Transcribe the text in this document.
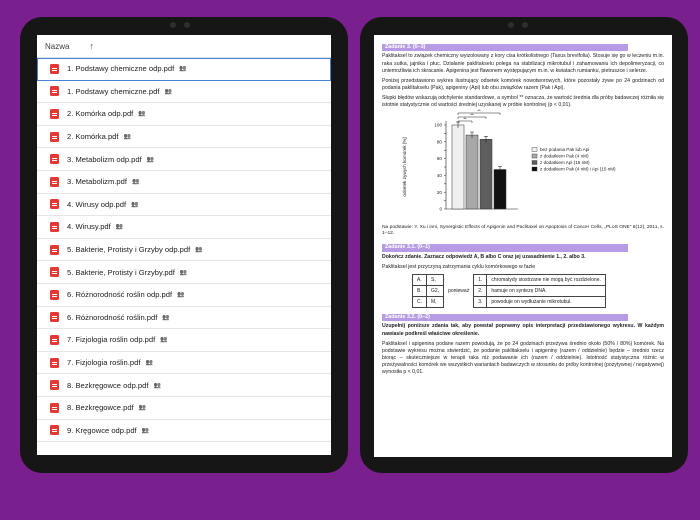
Nazwa ↑
1. Podstawy chemiczne odp.pdf 👥
1. Podstawy chemiczne.pdf 👥
2. Komórka odp.pdf 👥
2. Komórka.pdf 👥
3. Metabolizm odp.pdf 👥
3. Metabolizm.pdf 👥
4. Wirusy odp.pdf 👥
4. Wirusy.pdf 👥
5. Bakterie, Protisty i Grzyby odp.pdf 👥
5. Bakterie, Protisty i Grzyby.pdf 👥
6. Różnorodność roślin odp.pdf 👥
6. Różnorodność roślin.pdf 👥
7. Fizjologia roślin odp.pdf 👥
7. Fizjologia roślin.pdf 👥
8. Bezkręgowce odp.pdf 👥
8. Bezkręgowce.pdf 👥
9. Kręgowce odp.pdf 👥
Zadanie 3. (0–3)

Paklitaksel to związek chemiczny wyizolowany z kory cisa krótkolistnego (Taxus brevifolia). Stosuje się go w leczeniu m.in. raka sutka, jajnika i płuc. Działanie paklitakselu polega na stabilizacji mikrotubul i zahamowaniu ich depolimeryzacji, co uniemożliwia ich skracanie. Apigenina jest flawonem występującym m.in. w kwiatach rumianku, pietruszce i selerze.

Poniżej przedstawiono wykres ilustrujący odsetek komórek nowotworowych, które pozostały żywe po 24 godzinach od podania paklitakselu (Pak), apigeniny (Api) lub obu związków razem (Pak i Api).

Słupki błędów wskazują odchylenie standardowe, a symbol ** oznacza, że wartość średnia dla próby badawczej różniła się istotnie statystycznie od wartości średniej uzyskanej w próbie kontrolnej (p < 0,01).

odsetek żywych komórek [%]
0
20
40
60
80
100
**
**
**
bez podania Pak lub Api
z dodatkiem Pak (4 nM)
z dodatkiem Api (15 nM)
z dodatkiem Pak (4 nM) i Api (15 nM)

Na podstawie: Y. Xu i inni, Synergistic Effects of Apigenin and Paclitaxel on Apoptosis of Cancer Cells, „PLoS ONE” 6(12), 2011, s. 1–12.

Zadanie 3.1. (0–1)

Dokończ zdanie. Zaznacz odpowiedź A, B albo C oraz jej uzasadnienie 1., 2. albo 3.

Paklitaksel jest przyczyną zatrzymania cyklu komórkowego w fazie

A.	S,	ponieważ	1.	chromatydy siostrzane nie mogą być rozdzielone.
B.	G2,		2.	hamuje on syntezę DNA.
C.	M,		3.	powoduje on wydłużanie mikrotubul.
Zadanie 3.2. (0–2)

Uzupełnij poniższe zdania tak, aby powstał poprawny opis interpretacji przedstawionego wykresu. W każdym nawiasie podkreśl właściwe określenie.

Paklitaksel i apigenina podane razem powodują, że po 24 godzinach przeżywa średnio około (50% / 80%) komórek. Na podstawie wykresu można stwierdzić, że podanie paklitakselu i apigeniny (razem / oddzielnie) będzie – średnio rzecz biorąc – skuteczniejsze w terapii raka niż podawanie ich (razem / oddzielnie). Istotność statystyczna różnic w przeżywalności komórek we wszystkich wariantach badawczych w stosunku do próby kontrolnej (pozytywnej / negatywnej) wynosiła p < 0,01.
